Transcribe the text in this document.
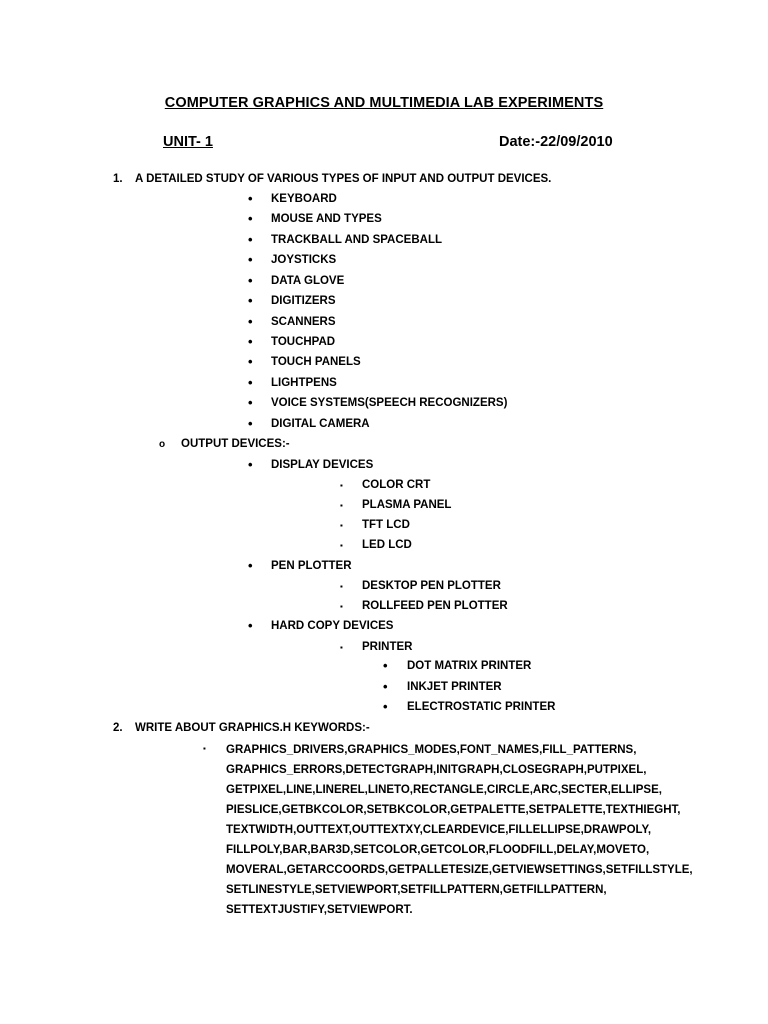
COMPUTER GRAPHICS AND MULTIMEDIA LAB EXPERIMENTS
UNIT- 1	Date:-22/09/2010
1. A DETAILED STUDY OF VARIOUS TYPES OF INPUT AND OUTPUT DEVICES.
• KEYBOARD
• MOUSE AND TYPES
• TRACKBALL AND SPACEBALL
• JOYSTICKS
• DATA GLOVE
• DIGITIZERS
• SCANNERS
• TOUCHPAD
• TOUCH PANELS
• LIGHTPENS
• VOICE SYSTEMS(SPEECH RECOGNIZERS)
• DIGITAL CAMERA
o OUTPUT DEVICES:-
• DISPLAY DEVICES
▪ COLOR CRT
▪ PLASMA PANEL
▪ TFT LCD
▪ LED LCD
• PEN PLOTTER
▪ DESKTOP PEN PLOTTER
▪ ROLLFEED PEN PLOTTER
• HARD COPY DEVICES
▪ PRINTER
• DOT MATRIX PRINTER
• INKJET PRINTER
• ELECTROSTATIC PRINTER
2. WRITE ABOUT GRAPHICS.H KEYWORDS:-
▪ GRAPHICS_DRIVERS,GRAPHICS_MODES,FONT_NAMES,FILL_PATTERNS, GRAPHICS_ERRORS,DETECTGRAPH,INITGRAPH,CLOSEGRAPH,PUTPIXEL, GETPIXEL,LINE,LINEREL,LINETO,RECTANGLE,CIRCLE,ARC,SECTER,ELLIPSE, PIESLICE,GETBKCOLOR,SETBKCOLOR,GETPALETTE,SETPALETTE,TEXTHIEGHT, TEXTWIDTH,OUTTEXT,OUTTEXTXY,CLEARDEVICE,FILLELLIPSE,DRAWPOLY, FILLPOLY,BAR,BAR3D,SETCOLOR,GETCOLOR,FLOODFILL,DELAY,MOVETO, MOVERAL,GETARCCOORDS,GETPALLETESIZE,GETVIEWSETTINGS,SETFILLSTYLE, SETLINESTYLE,SETVIEWPORT,SETFILLPATTERN,GETFILLPATTERN, SETTEXTJUSTIFY,SETVIEWPORT.
